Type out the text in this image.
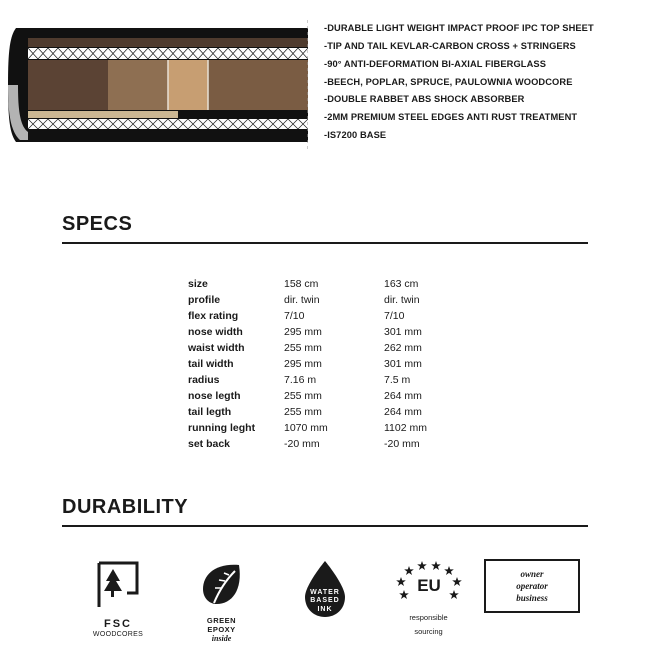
-DURABLE LIGHT WEIGHT IMPACT PROOF IPC TOP SHEET
-TIP AND TAIL KEVLAR-CARBON CROSS + STRINGERS
-90° ANTI-DEFORMATION BI-AXIAL FIBERGLASS
-BEECH, POPLAR, SPRUCE, PAULOWNIA WOODCORE
-DOUBLE RABBET ABS SHOCK ABSORBER
-2MM PREMIUM STEEL EDGES ANTI RUST TREATMENT
-IS7200 BASE
SPECS
size	158 cm	163 cm
profile	dir. twin	dir. twin
flex rating	7/10	7/10
nose width	295 mm	301 mm
waist width	255 mm	262 mm
tail width	295 mm	301 mm
radius	7.16 m	7.5 m
nose legth	255 mm	264 mm
tail legth	255 mm	264 mm
running leght	1070 mm	1102 mm
set back	-20 mm	-20 mm
DURABILITY
FSC
WOODCORES
GREEN
EPOXY
inside
WATER
BASED
INK
EU
responsible
sourcing
owner
operator
business
